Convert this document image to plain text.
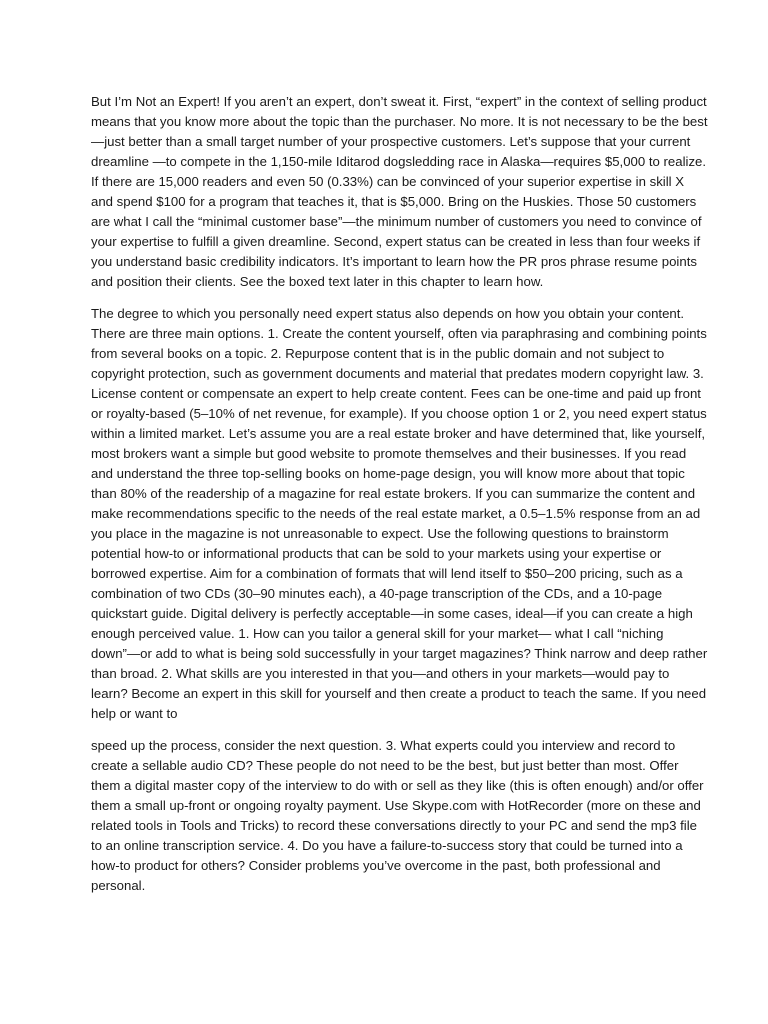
But I’m Not an Expert! If you aren’t an expert, don’t sweat it. First, “expert” in the context of selling product means that you know more about the topic than the purchaser. No more. It is not necessary to be the best—just better than a small target number of your prospective customers. Let’s suppose that your current dreamline —to compete in the 1,150-mile Iditarod dogsledding race in Alaska—requires $5,000 to realize. If there are 15,000 readers and even 50 (0.33%) can be convinced of your superior expertise in skill X and spend $100 for a program that teaches it, that is $5,000. Bring on the Huskies. Those 50 customers are what I call the “minimal customer base”—the minimum number of customers you need to convince of your expertise to fulfill a given dreamline. Second, expert status can be created in less than four weeks if you understand basic credibility indicators. It’s important to learn how the PR pros phrase resume points and position their clients. See the boxed text later in this chapter to learn how.

The degree to which you personally need expert status also depends on how you obtain your content. There are three main options. 1. Create the content yourself, often via paraphrasing and combining points from several books on a topic. 2. Repurpose content that is in the public domain and not subject to copyright protection, such as government documents and material that predates modern copyright law. 3. License content or compensate an expert to help create content. Fees can be one-time and paid up front or royalty-based (5–10% of net revenue, for example). If you choose option 1 or 2, you need expert status within a limited market. Let’s assume you are a real estate broker and have determined that, like yourself, most brokers want a simple but good website to promote themselves and their businesses. If you read and understand the three top-selling books on home-page design, you will know more about that topic than 80% of the readership of a magazine for real estate brokers. If you can summarize the content and make recommendations specific to the needs of the real estate market, a 0.5–1.5% response from an ad you place in the magazine is not unreasonable to expect. Use the following questions to brainstorm potential how-to or informational products that can be sold to your markets using your expertise or borrowed expertise. Aim for a combination of formats that will lend itself to $50–200 pricing, such as a combination of two CDs (30–90 minutes each), a 40-page transcription of the CDs, and a 10-page quickstart guide. Digital delivery is perfectly acceptable—in some cases, ideal—if you can create a high enough perceived value. 1. How can you tailor a general skill for your market— what I call “niching down”—or add to what is being sold successfully in your target magazines? Think narrow and deep rather than broad. 2. What skills are you interested in that you—and others in your markets—would pay to learn? Become an expert in this skill for yourself and then create a product to teach the same. If you need help or want to

speed up the process, consider the next question. 3. What experts could you interview and record to create a sellable audio CD? These people do not need to be the best, but just better than most. Offer them a digital master copy of the interview to do with or sell as they like (this is often enough) and/or offer them a small up-front or ongoing royalty payment. Use Skype.com with HotRecorder (more on these and related tools in Tools and Tricks) to record these conversations directly to your PC and send the mp3 file to an online transcription service. 4. Do you have a failure-to-success story that could be turned into a how-to product for others? Consider problems you’ve overcome in the past, both professional and personal.
